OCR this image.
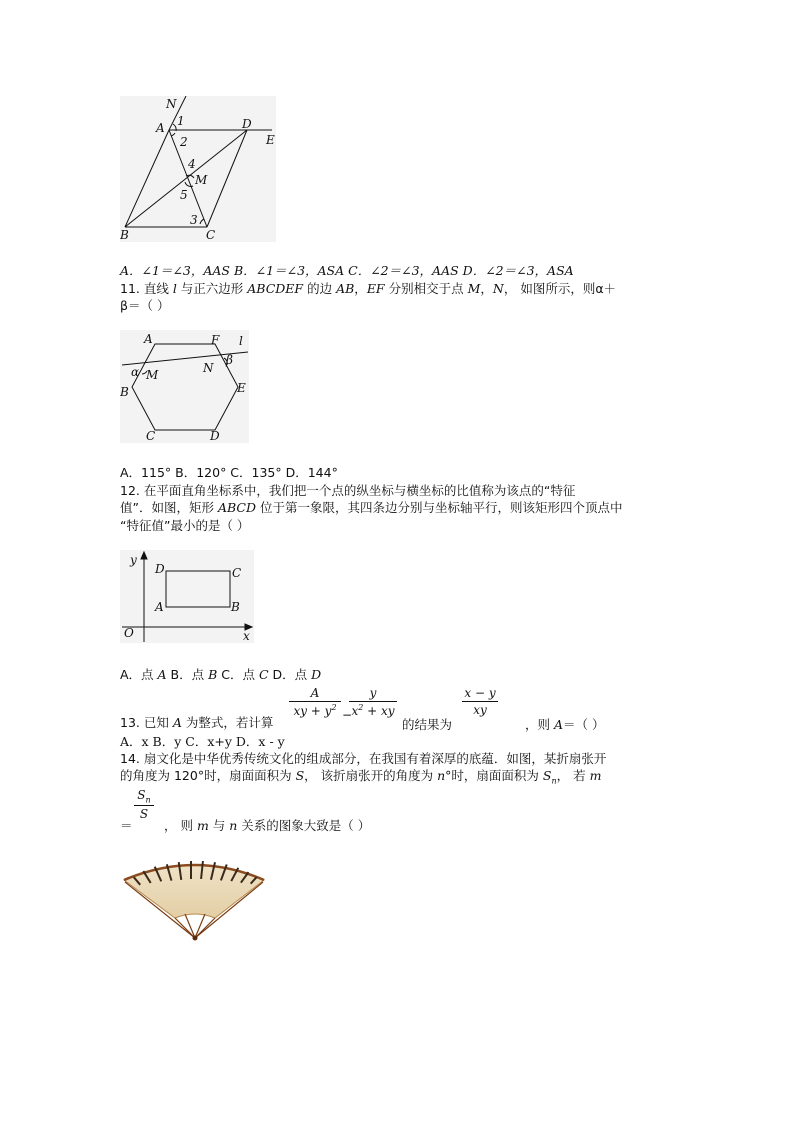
N
A	D
E
B	C
M
1
2
3
4
5
A．∠1＝∠3，AAS B．∠1＝∠3，ASA C．∠2＝∠3，AAS D．∠2＝∠3，ASA
11. 直线 l 与正六边形 ABCDEF 的边 AB，EF 分别相交于点 M，N， 如图所示，则α＋
β＝（ ）
A	F l
β
α M	N
B	E
C	D
A．115° B．120° C．135° D．144°
12. 在平面直角坐标系中，我们把一个点的纵坐标与横坐标的比值称为该点的“特征
值”．如图，矩形 ABCD 位于第一象限，其四条边分别与坐标轴平行，则该矩形四个顶点中
“特征值”最小的是（ ）
y
x
O
A	B
C
D
A．点 A B．点 B C．点 C D．点 D
13. 已知 A 为整式，若计算
A
xy + $y^2$
−
y
$x^2$ + xy
的结果为
x − y
xy
，则 A＝（ ）
A．x B．y C．x+y D．x - y
14. 扇文化是中华优秀传统文化的组成部分，在我国有着深厚的底蕴．如图，某折扇张开
的角度为 120°时，扇面面积为 S， 该折扇张开的角度为 n°时，扇面面积为 $S_n$， 若 m
＝
$S_n$
S
， 则 m 与 n 关系的图象大致是（ ）
